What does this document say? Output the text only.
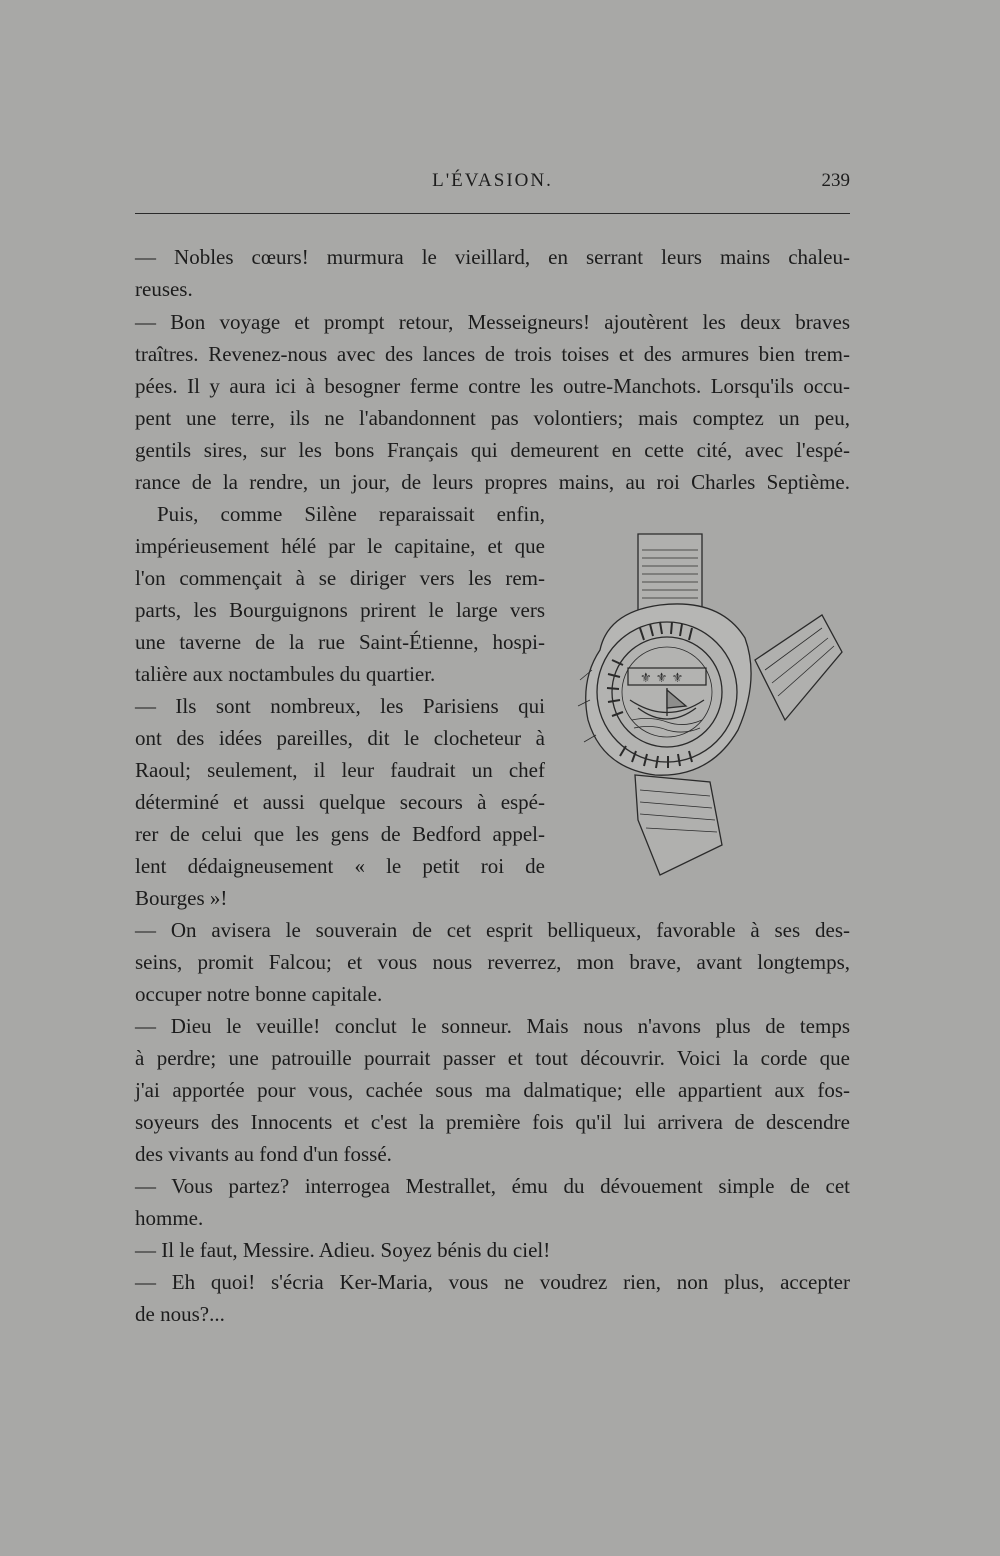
L'ÉVASION.	239
— Nobles cœurs! murmura le vieillard, en serrant leurs mains chaleu-
reuses.
— Bon voyage et prompt retour, Messeigneurs! ajoutèrent les deux braves
traîtres. Revenez-nous avec des lances de trois toises et des armures bien trem-
pées. Il y aura ici à besogner ferme contre les outre-Manchots. Lorsqu'ils occu-
pent une terre, ils ne l'abandonnent pas volontiers; mais comptez un peu,
gentils sires, sur les bons Français qui demeurent en cette cité, avec l'espé-
rance de la rendre, un jour, de leurs propres mains, au roi Charles Septième.
Puis, comme Silène reparaissait enfin,
impérieusement hélé par le capitaine, et que
l'on commençait à se diriger vers les rem-
parts, les Bourguignons prirent le large vers
une taverne de la rue Saint-Étienne, hospi-
talière aux noctambules du quartier.
— Ils sont nombreux, les Parisiens qui
ont des idées pareilles, dit le clocheteur à
Raoul; seulement, il leur faudrait un chef
déterminé et aussi quelque secours à espé-
rer de celui que les gens de Bedford appel-
lent dédaigneusement « le petit roi de
Bourges »!
— On avisera le souverain de cet esprit belliqueux, favorable à ses des-
seins, promit Falcou; et vous nous reverrez, mon brave, avant longtemps,
occuper notre bonne capitale.
— Dieu le veuille! conclut le sonneur. Mais nous n'avons plus de temps
à perdre; une patrouille pourrait passer et tout découvrir. Voici la corde que
j'ai apportée pour vous, cachée sous ma dalmatique; elle appartient aux fos-
soyeurs des Innocents et c'est la première fois qu'il lui arrivera de descendre
des vivants au fond d'un fossé.
— Vous partez? interrogea Mestrallet, ému du dévouement simple de cet
homme.
— Il le faut, Messire. Adieu. Soyez bénis du ciel!
— Eh quoi! s'écria Ker-Maria, vous ne voudrez rien, non plus, accepter
de nous?...
⚜ ⚜ ⚜
